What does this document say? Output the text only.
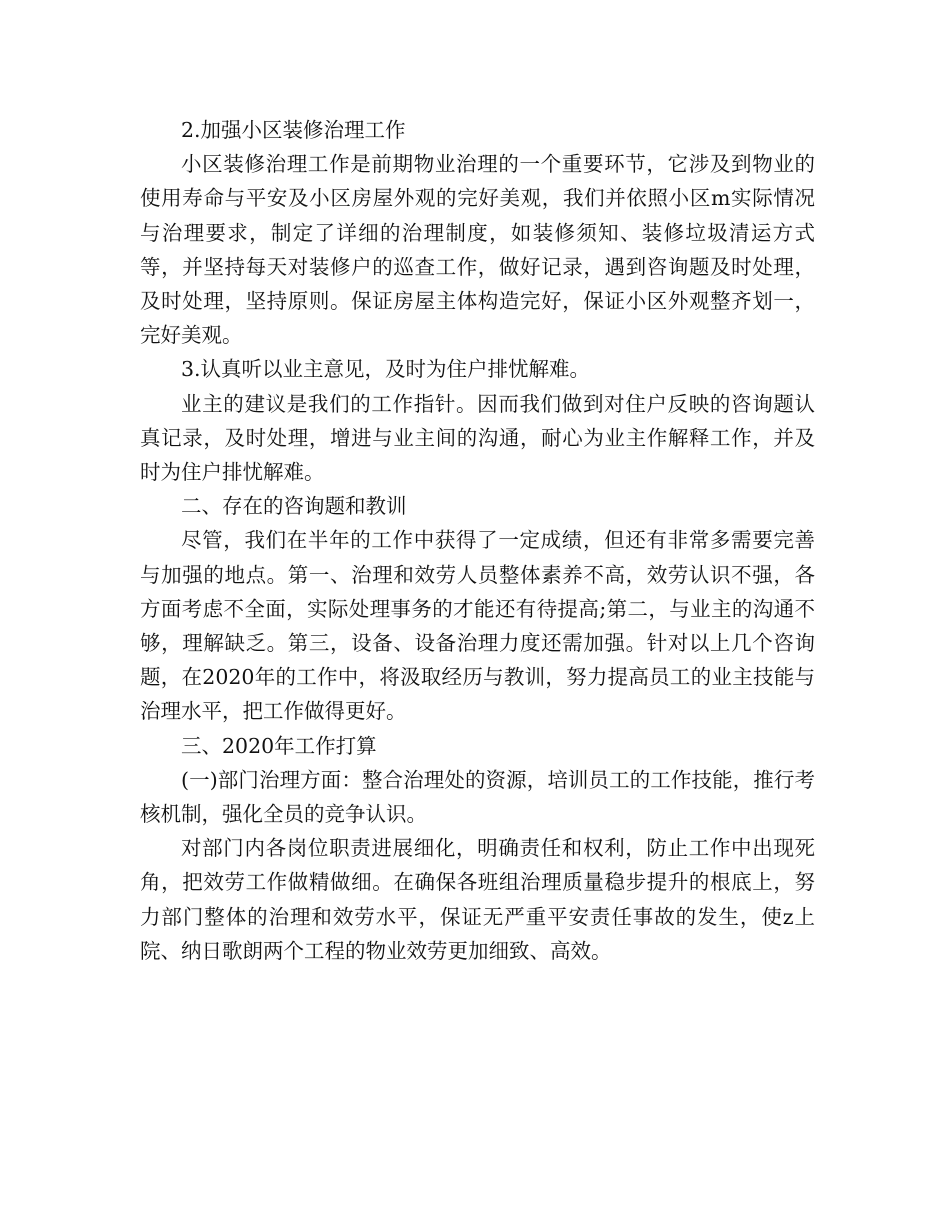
2.加强小区装修治理工作

小区装修治理工作是前期物业治理的一个重要环节，它涉及到物业的使用寿命与平安及小区房屋外观的完好美观，我们并依照小区m实际情况与治理要求，制定了详细的治理制度，如装修须知、装修垃圾清运方式等，并坚持每天对装修户的巡查工作，做好记录，遇到咨询题及时处理，及时处理，坚持原则。保证房屋主体构造完好，保证小区外观整齐划一，完好美观。

3.认真听以业主意见，及时为住户排忧解难。

业主的建议是我们的工作指针。因而我们做到对住户反映的咨询题认真记录，及时处理，增进与业主间的沟通，耐心为业主作解释工作，并及时为住户排忧解难。

二、存在的咨询题和教训

尽管，我们在半年的工作中获得了一定成绩，但还有非常多需要完善与加强的地点。第一、治理和效劳人员整体素养不高，效劳认识不强，各方面考虑不全面，实际处理事务的才能还有待提高;第二，与业主的沟通不够，理解缺乏。第三，设备、设备治理力度还需加强。针对以上几个咨询题，在2020年的工作中，将汲取经历与教训，努力提高员工的业主技能与治理水平，把工作做得更好。

三、2020年工作打算

(一)部门治理方面：整合治理处的资源，培训员工的工作技能，推行考核机制，强化全员的竞争认识。

对部门内各岗位职责进展细化，明确责任和权利，防止工作中出现死角，把效劳工作做精做细。在确保各班组治理质量稳步提升的根底上，努力部门整体的治理和效劳水平，保证无严重平安责任事故的发生，使z上院、纳日歌朗两个工程的物业效劳更加细致、高效。
